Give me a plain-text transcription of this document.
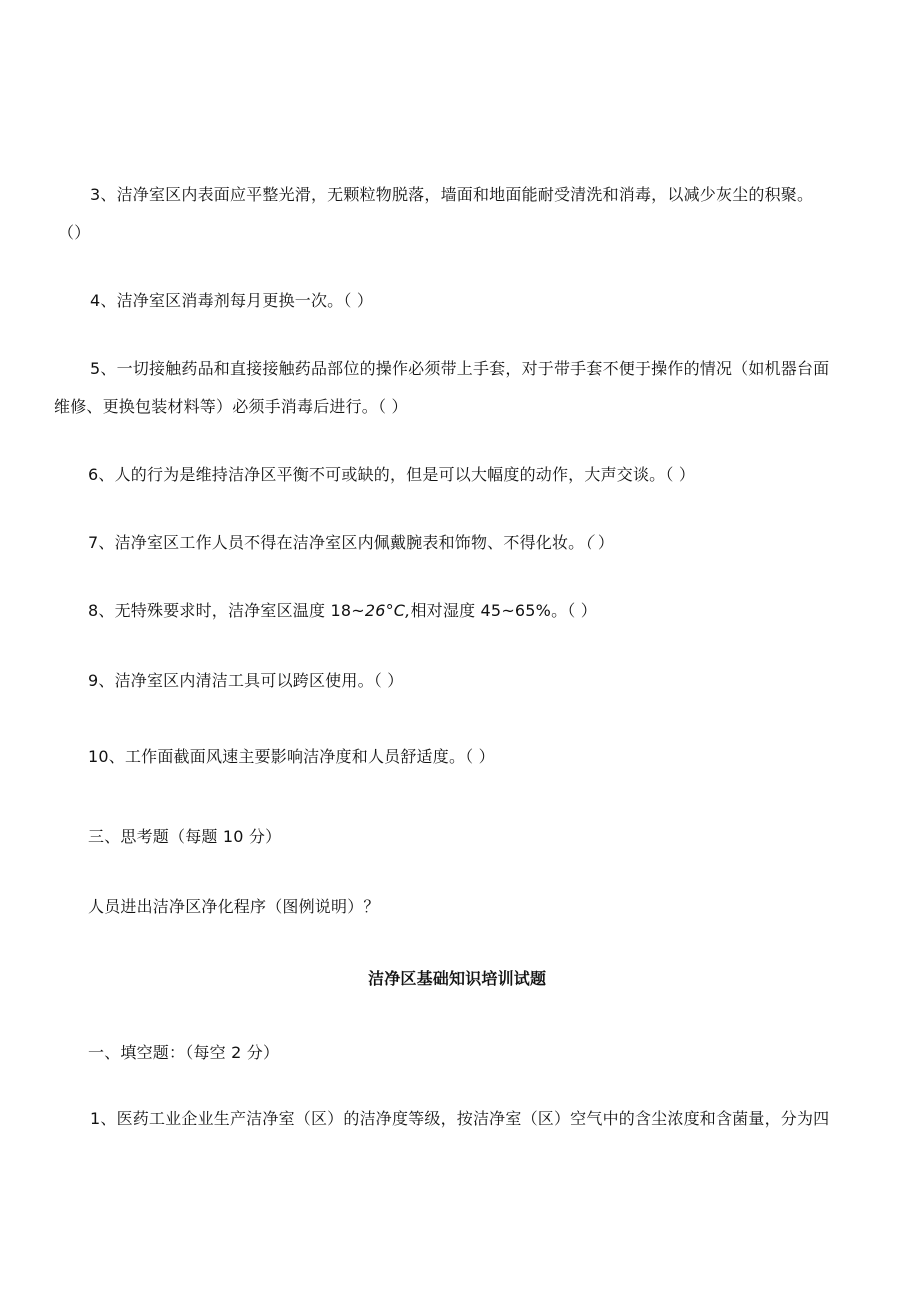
3、洁净室区内表面应平整光滑，无颗粒物脱落，墙面和地面能耐受清洗和消毒，以减少灰尘的积聚。
（）
4、洁净室区消毒剂每月更换一次。（ ）
5、一切接触药品和直接接触药品部位的操作必须带上手套，对于带手套不便于操作的情况（如机器台面
维修、更换包装材料等）必须手消毒后进行。（ ）
6、人的行为是维持洁净区平衡不可或缺的，但是可以大幅度的动作，大声交谈。（ ）
7、洁净室区工作人员不得在洁净室区内佩戴腕表和饰物、不得化妆。（ ）
8、无特殊要求时，洁净室区温度 18~26°C,相对湿度 45~65%。（ ）
9、洁净室区内清洁工具可以跨区使用。（ ）
10、工作面截面风速主要影响洁净度和人员舒适度。（ ）
三、思考题（每题 10 分）
人员进出洁净区净化程序（图例说明）？
洁净区基础知识培训试题
一、填空题：（每空 2 分）
1、医药工业企业生产洁净室（区）的洁净度等级，按洁净室（区）空气中的含尘浓度和含菌量，分为四
